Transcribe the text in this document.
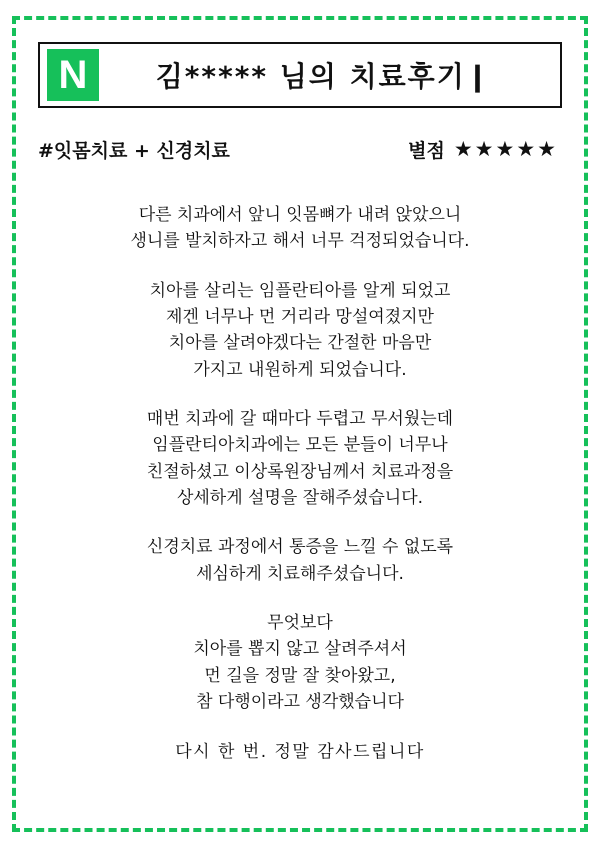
N	김***** 님의 치료후기❙
#잇몸치료 + 신경치료	별점 ★★★★★

다른 치과에서 앞니 잇몸뼈가 내려 앉았으니
생니를 발치하자고 해서 너무 걱정되었습니다.

치아를 살리는 임플란티아를 알게 되었고
제겐 너무나 먼 거리라 망설여졌지만
치아를 살려야겠다는 간절한 마음만
가지고 내원하게 되었습니다.

매번 치과에 갈 때마다 두렵고 무서웠는데
임플란티아치과에는 모든 분들이 너무나
친절하셨고 이상록원장님께서 치료과정을
상세하게 설명을 잘해주셨습니다.

신경치료 과정에서 통증을 느낄 수 없도록
세심하게 치료해주셨습니다.

무엇보다
치아를 뽑지 않고 살려주셔서
먼 길을 정말 잘 찾아왔고,
참 다행이라고 생각했습니다

다시 한 번. 정말 감사드립니다
